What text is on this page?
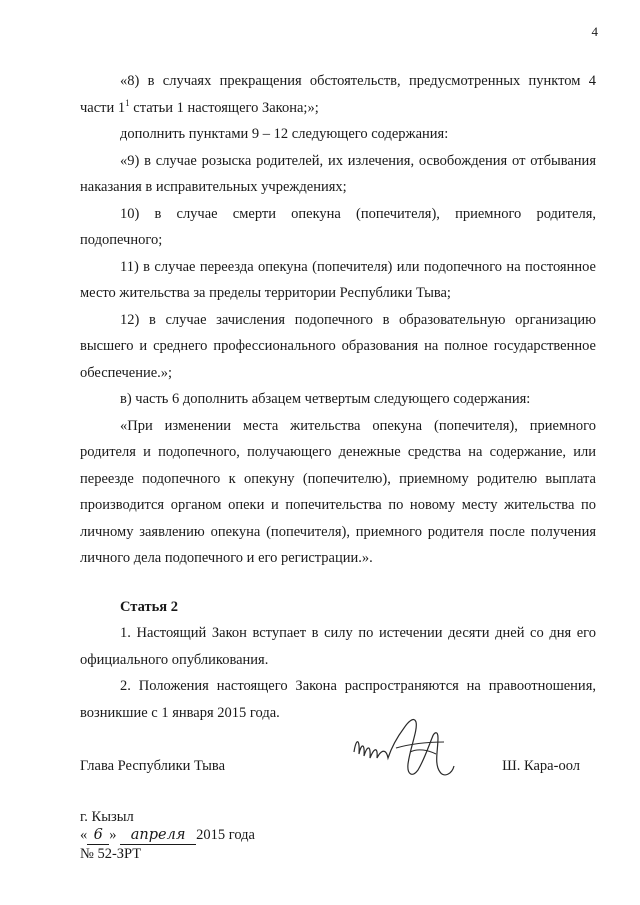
4

«8) в случаях прекращения обстоятельств, предусмотренных пунктом 4 части $1^1$ статьи 1 настоящего Закона;»;

дополнить пунктами 9 – 12 следующего содержания:

«9) в случае розыска родителей, их излечения, освобождения от отбывания наказания в исправительных учреждениях;

10) в случае смерти опекуна (попечителя), приемного родителя, подопечного;

11) в случае переезда опекуна (попечителя) или подопечного на постоянное место жительства за пределы территории Республики Тыва;

12) в случае зачисления подопечного в образовательную организацию высшего и среднего профессионального образования на полное государственное обеспечение.»;

в) часть 6 дополнить абзацем четвертым следующего содержания:

«При изменении места жительства опекуна (попечителя), приемного родителя и подопечного, получающего денежные средства на содержание, или переезде подопечного к опекуну (попечителю), приемному родителю выплата производится органом опеки и попечительства по новому месту жительства по личному заявлению опекуна (попечителя), приемного родителя после получения личного дела подопечного и его регистрации.».

Статья 2

1. Настоящий Закон вступает в силу по истечении десяти дней со дня его официального опубликования.

2. Положения настоящего Закона распространяются на правоотношения, возникшие с 1 января 2015 года.

Глава Республики Тыва	Ш. Кара-оол
г. Кызыл
« 6 » апреля 2015 года
№ 52-ЗРТ
